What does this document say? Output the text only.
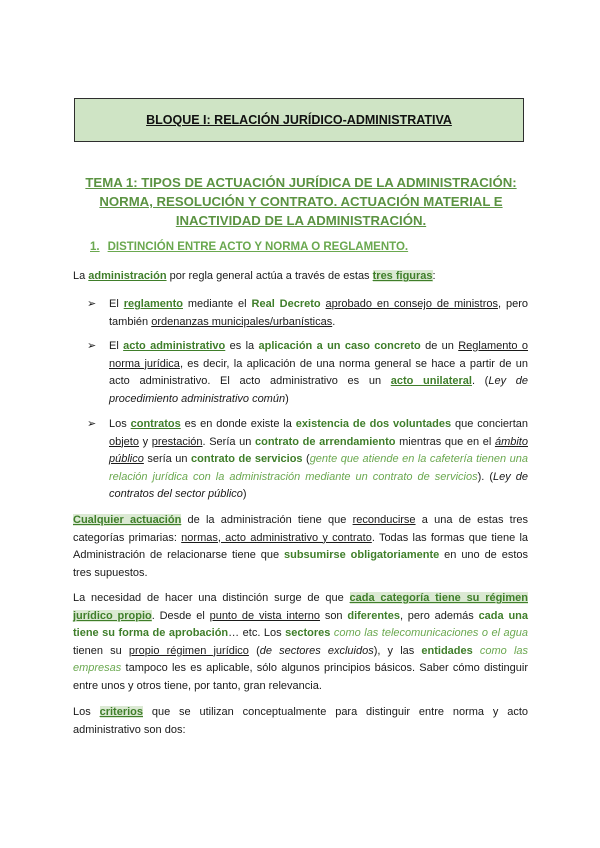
BLOQUE I: RELACIÓN JURÍDICO-ADMINISTRATIVA
TEMA 1: TIPOS DE ACTUACIÓN JURÍDICA DE LA ADMINISTRACIÓN: NORMA, RESOLUCIÓN Y CONTRATO. ACTUACIÓN MATERIAL E INACTIVIDAD DE LA ADMINISTRACIÓN.
1. DISTINCIÓN ENTRE ACTO Y NORMA O REGLAMENTO.
La administración por regla general actúa a través de estas tres figuras:
➢	El reglamento mediante el Real Decreto aprobado en consejo de ministros, pero también ordenanzas municipales/urbanísticas.
➢	El acto administrativo es la aplicación a un caso concreto de un Reglamento o norma jurídica, es decir, la aplicación de una norma general se hace a partir de un acto administrativo. El acto administrativo es un acto unilateral. (Ley de procedimiento administrativo común)
➢	Los contratos es en donde existe la existencia de dos voluntades que conciertan objeto y prestación. Sería un contrato de arrendamiento mientras que en el ámbito público sería un contrato de servicios (gente que atiende en la cafetería tienen una relación jurídica con la administración mediante un contrato de servicios). (Ley de contratos del sector público)
Cualquier actuación de la administración tiene que reconducirse a una de estas tres categorías primarias: normas, acto administrativo y contrato. Todas las formas que tiene la Administración de relacionarse tiene que subsumirse obligatoriamente en uno de estos tres supuestos.
La necesidad de hacer una distinción surge de que cada categoría tiene su régimen jurídico propio. Desde el punto de vista interno son diferentes, pero además cada una tiene su forma de aprobación… etc. Los sectores como las telecomunicaciones o el agua tienen su propio régimen jurídico (de sectores excluidos), y las entidades como las empresas tampoco les es aplicable, sólo algunos principios básicos. Saber cómo distinguir entre unos y otros tiene, por tanto, gran relevancia.
Los criterios que se utilizan conceptualmente para distinguir entre norma y acto administrativo son dos:
